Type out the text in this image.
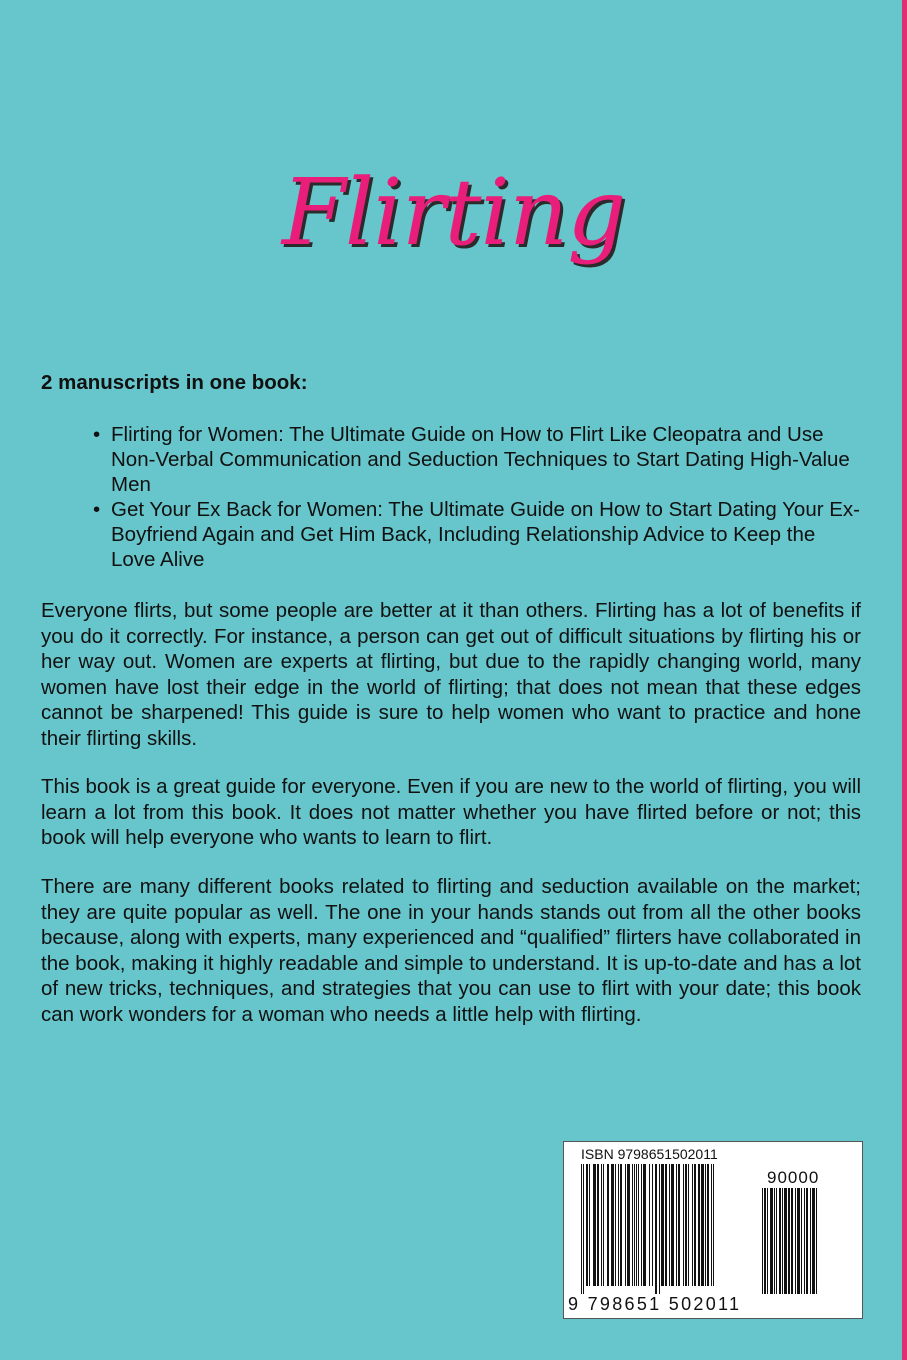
Flirting
2 manuscripts in one book:
• Flirting for Women: The Ultimate Guide on How to Flirt Like Cleopatra and Use Non-Verbal Communication and Seduction Techniques to Start Dating High-Value Men
• Get Your Ex Back for Women: The Ultimate Guide on How to Start Dating Your Ex-Boyfriend Again and Get Him Back, Including Relationship Advice to Keep the Love Alive

Everyone flirts, but some people are better at it than others. Flirting has a lot of benefits if you do it correctly. For instance, a person can get out of difficult situations by flirting his or her way out. Women are experts at flirting, but due to the rapidly changing world, many women have lost their edge in the world of flirting; that does not mean that these edges cannot be sharpened! This guide is sure to help women who want to practice and hone their flirting skills.

This book is a great guide for everyone. Even if you are new to the world of flirting, you will learn a lot from this book. It does not matter whether you have flirted before or not; this book will help everyone who wants to learn to flirt.

There are many different books related to flirting and seduction available on the market; they are quite popular as well. The one in your hands stands out from all the other books because, along with experts, many experienced and “qualified” flirters have collaborated in the book, making it highly readable and simple to understand. It is up-to-date and has a lot of new tricks, techniques, and strategies that you can use to flirt with your date; this book can work wonders for a woman who needs a little help with flirting.

ISBN 9798651502011
9 798651 502011
90000
